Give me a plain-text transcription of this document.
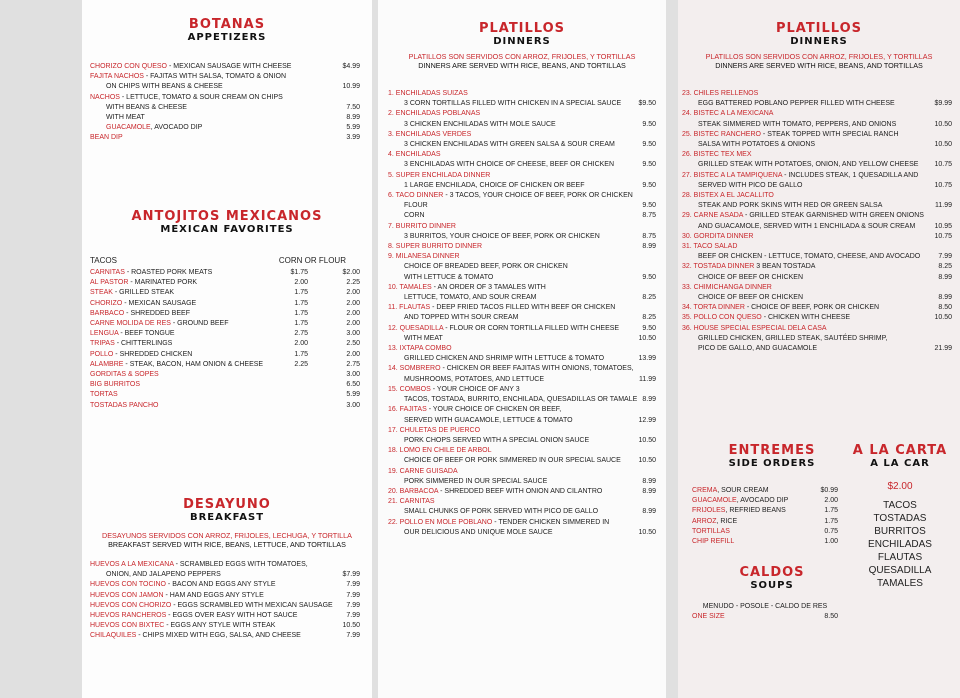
BOTANAS
APPETIZERS
CHORIZO CON QUESO - MEXICAN SAUSAGE WITH CHEESE	$4.99
FAJITA NACHOS - FAJITAS WITH SALSA, TOMATO & ONION
ON CHIPS WITH BEANS & CHEESE	10.99
NACHOS - LETTUCE, TOMATO & SOUR CREAM ON CHIPS
WITH BEANS & CHEESE	7.50
WITH MEAT	8.99
GUACAMOLE, AVOCADO DIP	5.99
BEAN DIP	3.99
ANTOJITOS MEXICANOS
MEXICAN FAVORITES
TACOS	CORN OR FLOUR
CARNITAS - ROASTED PORK MEATS	$1.75	$2.00
AL PASTOR - MARINATED PORK	2.00	2.25
STEAK - GRILLED STEAK	1.75	2.00
CHORIZO - MEXICAN SAUSAGE	1.75	2.00
BARBACO - SHREDDED BEEF	1.75	2.00
CARNE MOLIDA DE RES - GROUND BEEF	1.75	2.00
LENGUA - BEEF TONGUE	2.75	3.00
TRIPAS - CHITTERLINGS	2.00	2.50
POLLO - SHREDDED CHICKEN	1.75	2.00
ALAMBRE - STEAK, BACON, HAM ONION & CHEESE	2.25	2.75
GORDITAS & SOPES	3.00
BIG BURRITOS	6.50
TORTAS	5.99
TOSTADAS PANCHO	3.00
DESAYUNO
BREAKFAST
DESAYUNOS SERVIDOS CON ARROZ, FRIJOLES, LECHUGA, Y TORTILLA
BREAKFAST SERVED WITH RICE, BEANS, LETTUCE, AND TORTILLAS
HUEVOS A LA MEXICANA - SCRAMBLED EGGS WITH TOMATOES,
ONION, AND JALAPENO PEPPERS	$7.99
HUEVOS CON TOCINO - BACON AND EGGS ANY STYLE	7.99
HUEVOS CON JAMON - HAM AND EGGS ANY STYLE	7.99
HUEVOS CON CHORIZO - EGGS SCRAMBLED WITH MEXICAN SAUSAGE 7.99
HUEVOS RANCHEROS - EGGS OVER EASY WITH HOT SAUCE	7.99
HUEVOS CON BIXTEC - EGGS ANY STYLE WITH STEAK	10.50
CHILAQUILES - CHIPS MIXED WITH EGG, SALSA, AND CHEESE	7.99
PLATILLOS
DINNERS
PLATILLOS SON SERVIDOS CON ARROZ, FRIJOLES, Y TORTILLAS
DINNERS ARE SERVED WITH RICE, BEANS, AND TORTILLAS
1. ENCHILADAS SUIZAS
3 CORN TORTILLAS FILLED WITH CHICKEN IN A SPECIAL SAUCE $9.50
2. ENCHILADAS POBLANAS
3 CHICKEN ENCHILADAS WITH MOLE SAUCE	9.50
3. ENCHILADAS VERDES
3 CHICKEN ENCHILADAS WITH GREEN SALSA & SOUR CREAM	9.50
4. ENCHILADAS
3 ENCHILADAS WITH CHOICE OF CHEESE, BEEF OR CHICKEN	9.50
5. SUPER ENCHILADA DINNER
1 LARGE ENCHILADA, CHOICE OF CHICKEN OR BEEF	9.50
6. TACO DINNER - 3 TACOS, YOUR CHOICE OF BEEF, PORK OR CHICKEN
FLOUR	9.50
CORN	8.75
7. BURRITO DINNER
3 BURRITOS, YOUR CHOICE OF BEEF, PORK OR CHICKEN	8.75
8. SUPER BURRITO DINNER	8.99
9. MILANESA DINNER
CHOICE OF BREADED BEEF, PORK OR CHICKEN
WITH LETTUCE & TOMATO	9.50
10. TAMALES - AN ORDER OF 3 TAMALES WITH
LETTUCE, TOMATO, AND SOUR CREAM	8.25
11. FLAUTAS - DEEP FRIED TACOS FILLED WITH BEEF OR CHICKEN
AND TOPPED WITH SOUR CREAM	8.25
12. QUESADILLA - FLOUR OR CORN TORTILLA FILLED WITH CHEESE	9.50
WITH MEAT	10.50
13. IXTAPA COMBO
GRILLED CHICKEN AND SHRIMP WITH LETTUCE & TOMATO	13.99
14. SOMBRERO - CHICKEN OR BEEF FAJITAS WITH ONIONS, TOMATOES,
MUSHROOMS, POTATOES, AND LETTUCE	11.99
15. COMBOS - YOUR CHOICE OF ANY 3
TACOS, TOSTADA, BURRITO, ENCHILADA, QUESADILLAS OR TAMALE 8.99
16. FAJITAS - YOUR CHOICE OF CHICKEN OR BEEF,
SERVED WITH GUACAMOLE, LETTUCE & TOMATO	12.99
17. CHULETAS DE PUERCO
PORK CHOPS SERVED WITH A SPECIAL ONION SAUCE	10.50
18. LOMO EN CHILE DE ARBOL
CHOICE OF BEEF OR PORK SIMMERED IN OUR SPECIAL SAUCE	10.50
19. CARNE GUISADA
PORK SIMMERED IN OUR SPECIAL SAUCE	8.99
20. BARBACOA - SHREDDED BEEF WITH ONION AND CILANTRO	8.99
21. CARNITAS
SMALL CHUNKS OF PORK SERVED WITH PICO DE GALLO	8.99
22. POLLO EN MOLE POBLANO - TENDER CHICKEN SIMMERED IN
OUR DELICIOUS AND UNIQUE MOLE SAUCE	10.50
PLATILLOS
DINNERS
PLATILLOS SON SERVIDOS CON ARROZ, FRIJOLES, Y TORTILLAS
DINNERS ARE SERVED WITH RICE, BEANS, AND TORTILLAS
23. CHILES RELLENOS
EGG BATTERED POBLANO PEPPER FILLED WITH CHEESE	$9.99
24. BISTEC A LA MEXICANA
STEAK SIMMERED WITH TOMATO, PEPPERS, AND ONIONS	10.50
25. BISTEC RANCHERO - STEAK TOPPED WITH SPECIAL RANCH
SALSA WITH POTATOES & ONIONS	10.50
26. BISTEC TEX MEX
GRILLED STEAK WITH POTATOES, ONION, AND YELLOW CHEESE 10.75
27. BISTEC A LA TAMPIQUENA - INCLUDES STEAK, 1 QUESADILLA AND
SERVED WITH PICO DE GALLO	10.75
28. BISTEX A EL JACALLITO
STEAK AND PORK SKINS WITH RED OR GREEN SALSA	11.99
29. CARNE ASADA - GRILLED STEAK GARNISHED WITH GREEN ONIONS
AND GUACAMOLE, SERVED WITH 1 ENCHILADA & SOUR CREAM	10.95
30. GORDITA DINNER	10.75
31. TACO SALAD
BEEF OR CHICKEN - LETTUCE, TOMATO, CHEESE, AND AVOCADO	7.99
32. TOSTADA DINNER 3 BEAN TOSTADA	8.25
CHOICE OF BEEF OR CHICKEN	8.99
33. CHIMICHANGA DINNER
CHOICE OF BEEF OR CHICKEN	8.99
34. TORTA DINNER - CHOICE OF BEEF, PORK OR CHICKEN	8.50
35. POLLO CON QUESO - CHICKEN WITH CHEESE	10.50
36. HOUSE SPECIAL ESPECIAL DELA CASA
GRILLED CHICKEN, GRILLED STEAK, SAUTÉED SHRIMP,
PICO DE GALLO, AND GUACAMOLE	21.99
ENTREMES
SIDE ORDERS
CREMA, SOUR CREAM	$0.99
GUACAMOLE, AVOCADO DIP	2.00
FRIJOLES, REFRIED BEANS	1.75
ARROZ, RICE	1.75
TORTILLAS	0.75
CHIP REFILL	1.00
CALDOS
SOUPS
MENUDO - POSOLE - CALDO DE RES
ONE SIZE	8.50
A LA CARTA
A LA CAR
$2.00
TACOS
TOSTADAS
BURRITOS
ENCHILADAS
FLAUTAS
QUESADILLA
TAMALES
